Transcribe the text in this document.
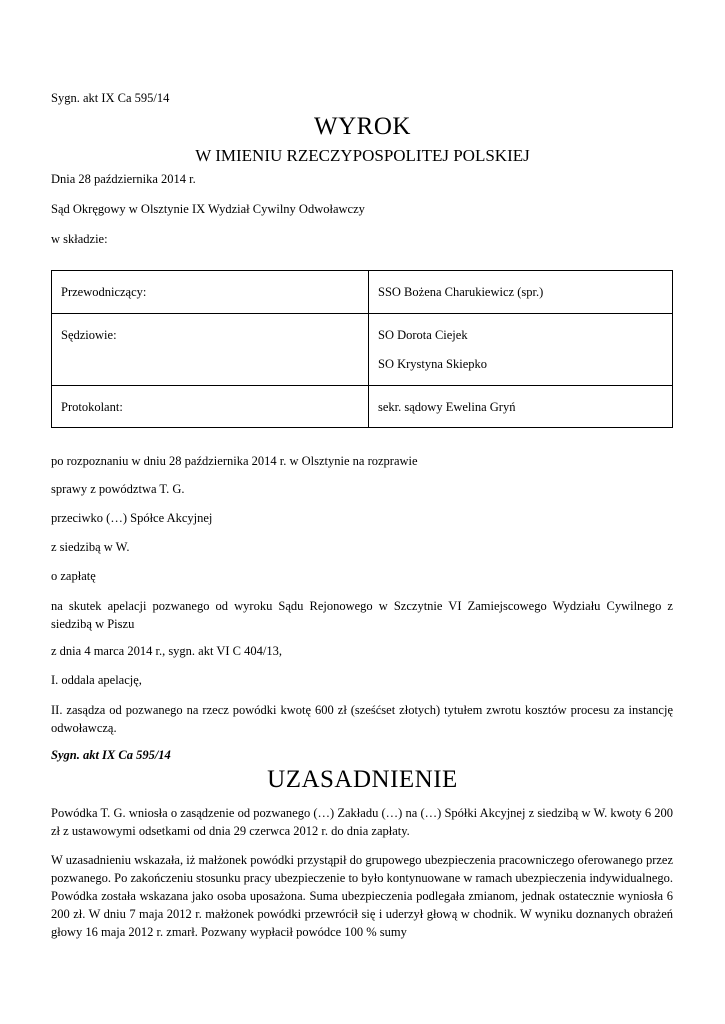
Sygn. akt IX Ca 595/14
WYROK
W IMIENIU RZECZYPOSPOLITEJ POLSKIEJ
Dnia 28 października 2014 r.
Sąd Okręgowy w Olsztynie IX Wydział Cywilny Odwoławczy
w składzie:
Przewodniczący:	SSO Bożena Charukiewicz (spr.)
Sędziowie:	SO Dorota Ciejek
SO Krystyna Skiepko

Protokolant:	sekr. sądowy Ewelina Gryń
po rozpoznaniu w dniu 28 października 2014 r. w Olsztynie na rozprawie
sprawy z powództwa T. G.
przeciwko (…) Spółce Akcyjnej
z siedzibą w W.
o zapłatę
na skutek apelacji pozwanego od wyroku Sądu Rejonowego w Szczytnie VI Zamiejscowego Wydziału Cywilnego z siedzibą w Piszu
z dnia 4 marca 2014 r., sygn. akt VI C 404/13,
I. oddala apelację,
II. zasądza od pozwanego na rzecz powódki kwotę 600 zł (sześćset złotych) tytułem zwrotu kosztów procesu za instancję odwoławczą.
Sygn. akt IX Ca 595/14
UZASADNIENIE
Powódka T. G. wniosła o zasądzenie od pozwanego (…) Zakładu (…) na (…) Spółki Akcyjnej z siedzibą w W. kwoty 6 200 zł z ustawowymi odsetkami od dnia 29 czerwca 2012 r. do dnia zapłaty.
W uzasadnieniu wskazała, iż małżonek powódki przystąpił do grupowego ubezpieczenia pracowniczego oferowanego przez pozwanego. Po zakończeniu stosunku pracy ubezpieczenie to było kontynuowane w ramach ubezpieczenia indywidualnego. Powódka została wskazana jako osoba uposażona. Suma ubezpieczenia podlegała zmianom, jednak ostatecznie wyniosła 6 200 zł. W dniu 7 maja 2012 r. małżonek powódki przewrócił się i uderzył głową w chodnik. W wyniku doznanych obrażeń głowy 16 maja 2012 r. zmarł. Pozwany wypłacił powódce 100 % sumy
